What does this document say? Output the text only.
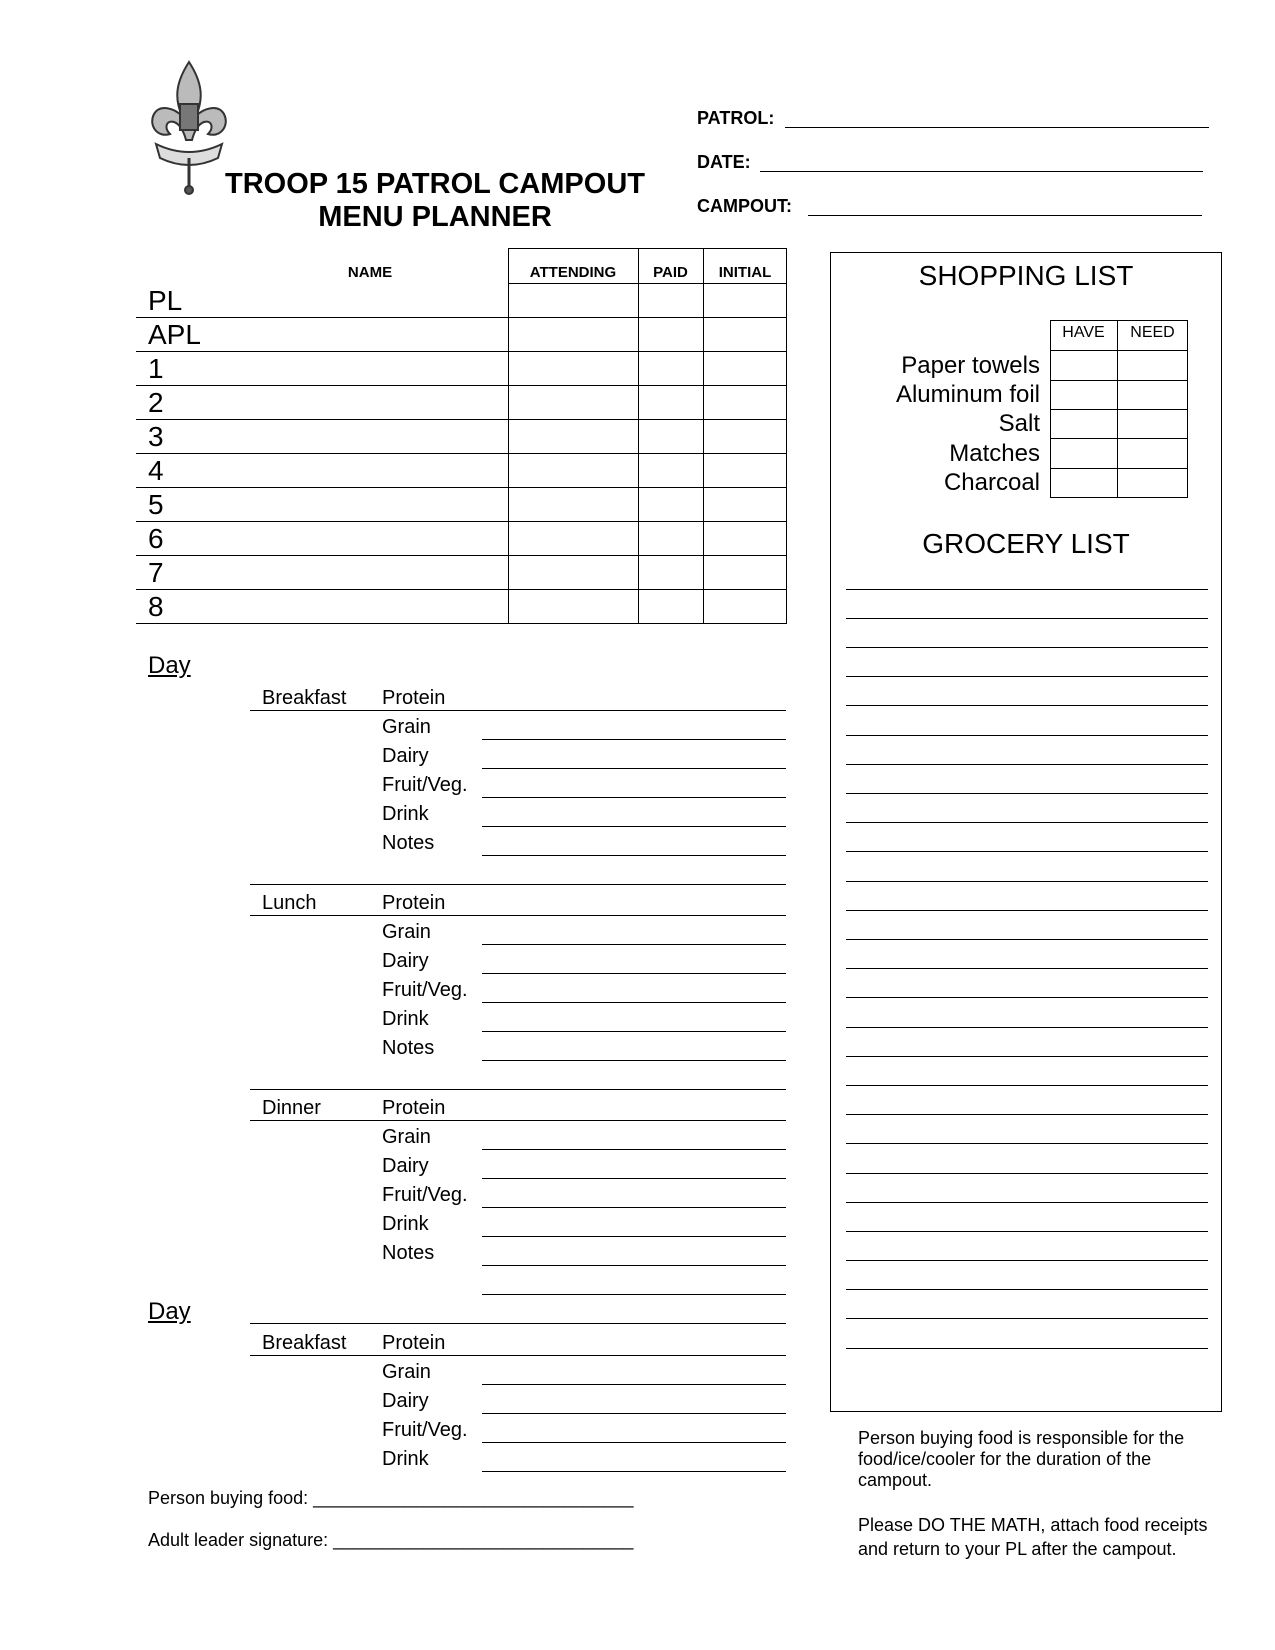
TROOP 15 PATROL CAMPOUT
MENU PLANNER
PATROL:
DATE:
CAMPOUT:
NAME	ATTENDING	PAID	INITIAL
PL
APL
1
2
3
4
5
6
7
8
Day
Breakfast Protein
Grain
Dairy
Fruit/Veg.
Drink
Notes
Lunch	Protein
Grain
Dairy
Fruit/Veg.
Drink
Notes
Dinner	Protein
Grain
Dairy
Fruit/Veg.
Drink
Notes
Day
Breakfast Protein
Grain
Dairy
Fruit/Veg.
Drink
Person buying food: ________________________________
Adult leader signature: ______________________________
SHOPPING LIST
HAVE	NEED
Paper towels
Aluminum foil
Salt
Matches
Charcoal
GROCERY LIST
Person buying food is responsible for the
food/ice/cooler for the duration of the
campout.
Please DO THE MATH, attach food receipts
and return to your PL after the campout.
